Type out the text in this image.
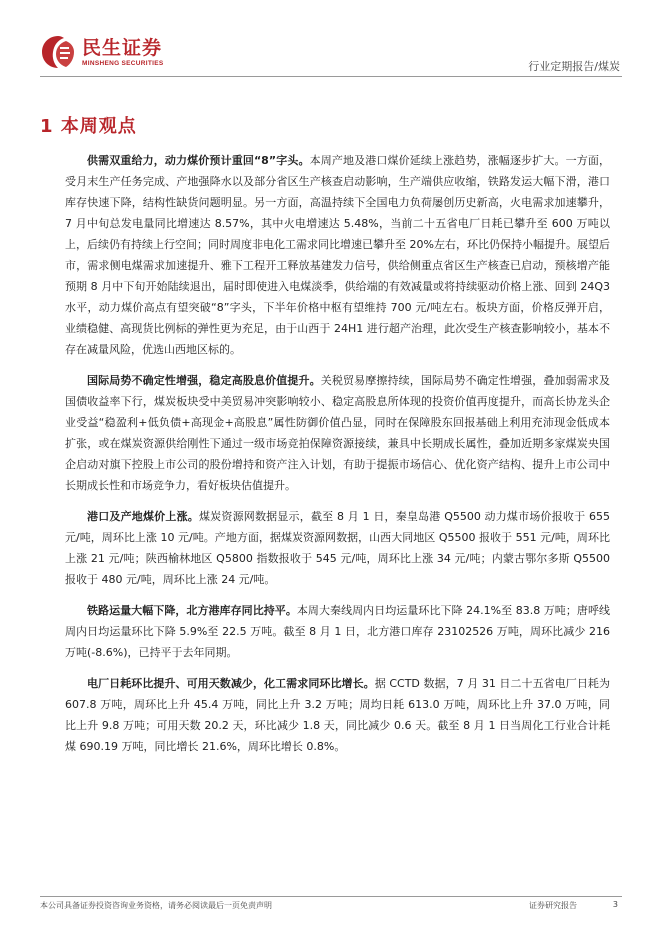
民生证券
MINSHENG SECURITIES	行业定期报告/煤炭
1 本周观点

供需双重给力，动力煤价预计重回“8”字头。本周产地及港口煤价延续上涨趋势，涨幅逐步扩大。一方面，受月末生产任务完成、产地强降水以及部分省区生产核查启动影响，生产端供应收缩，铁路发运大幅下滑，港口库存快速下降，结构性缺货问题明显。另一方面，高温持续下全国电力负荷屡创历史新高，火电需求加速攀升，7 月中旬总发电量同比增速达 8.57%，其中火电增速达 5.48%，当前二十五省电厂日耗已攀升至 600 万吨以上，后续仍有持续上行空间；同时周度非电化工需求同比增速已攀升至 20%左右，环比仍保持小幅提升。展望后市，需求侧电煤需求加速提升、雅下工程开工释放基建发力信号，供给侧重点省区生产核查已启动，预核增产能预期 8 月中下旬开始陆续退出，届时即使进入电煤淡季，供给端的有效减量或将持续驱动价格上涨、回到 24Q3 水平，动力煤价高点有望突破“8”字头，下半年价格中枢有望维持 700 元/吨左右。板块方面，价格反弹开启，业绩稳健、高现货比例标的弹性更为充足，由于山西于 24H1 进行超产治理，此次受生产核查影响较小，基本不存在减量风险，优选山西地区标的。

国际局势不确定性增强，稳定高股息价值提升。关税贸易摩擦持续，国际局势不确定性增强，叠加弱需求及国债收益率下行，煤炭板块受中美贸易冲突影响较小、稳定高股息所体现的投资价值再度提升，而高长协龙头企业受益“稳盈利+低负债+高现金+高股息”属性防御价值凸显，同时在保障股东回报基础上利用充沛现金低成本扩张，或在煤炭资源供给刚性下通过一级市场竞拍保障资源接续，兼具中长期成长属性，叠加近期多家煤炭央国企启动对旗下控股上市公司的股份增持和资产注入计划，有助于提振市场信心、优化资产结构、提升上市公司中长期成长性和市场竞争力，看好板块估值提升。

港口及产地煤价上涨。煤炭资源网数据显示，截至 8 月 1 日，秦皇岛港 Q5500 动力煤市场价报收于 655 元/吨，周环比上涨 10 元/吨。产地方面，据煤炭资源网数据，山西大同地区 Q5500 报收于 551 元/吨，周环比上涨 21 元/吨；陕西榆林地区 Q5800 指数报收于 545 元/吨，周环比上涨 34 元/吨；内蒙古鄂尔多斯 Q5500 报收于 480 元/吨，周环比上涨 24 元/吨。

铁路运量大幅下降，北方港库存同比持平。本周大秦线周内日均运量环比下降 24.1%至 83.8 万吨；唐呼线周内日均运量环比下降 5.9%至 22.5 万吨。截至 8 月 1 日，北方港口库存 23102526 万吨，周环比减少 216 万吨(-8.6%)，已持平于去年同期。

电厂日耗环比提升、可用天数减少，化工需求同环比增长。据 CCTD 数据，7 月 31 日二十五省电厂日耗为 607.8 万吨，周环比上升 45.4 万吨，同比上升 3.2 万吨；周均日耗 613.0 万吨，周环比上升 37.0 万吨，同比上升 9.8 万吨；可用天数 20.2 天，环比减少 1.8 天，同比减少 0.6 天。截至 8 月 1 日当周化工行业合计耗煤 690.19 万吨，同比增长 21.6%，周环比增长 0.8%。

本公司具备证券投资咨询业务资格，请务必阅读最后一页免责声明	证券研究报告	3
